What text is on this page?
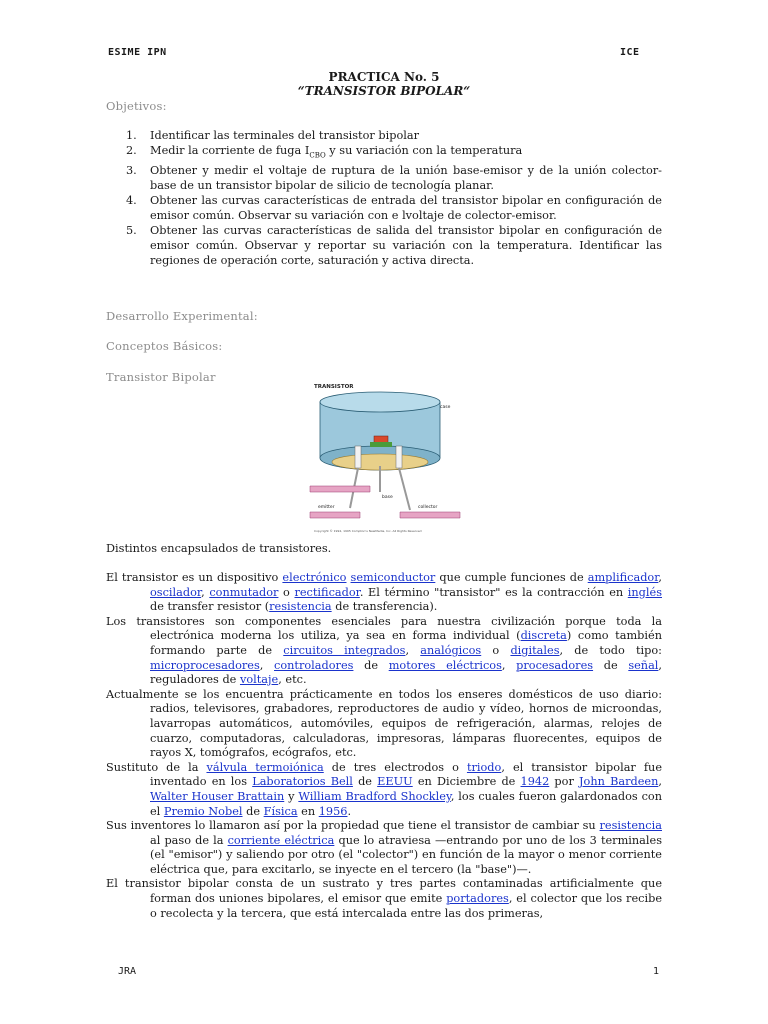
ESIME IPN	ICE
PRACTICA No. 5
“TRANSISTOR BIPOLAR“
Objetivos:
1. Identificar las terminales del transistor bipolar
2. Medir la corriente de fuga $I_{CBO}$ y su variación con la temperatura
3. Obtener y medir el voltaje de ruptura de la unión base-emisor y de la unión colector-base de un transistor bipolar de silicio de tecnología planar.
4. Obtener las curvas características de entrada del transistor bipolar en configuración de emisor común. Observar su variación con e lvoltaje de colector-emisor.
5. Obtener las curvas características de salida del transistor bipolar en configuración de emisor común. Observar y reportar su variación con la temperatura. Identificar las regiones de operación corte, saturación y activa directa.
Desarrollo Experimental:
Conceptos Básicos:
Transistor Bipolar
TRANSISTOR
case
base
emitter	collector
Copyright © 1994, 1995 Compton's NewMedia, Inc. All Rights Reserved
Distintos encapsulados de transistores.

El transistor es un dispositivo electrónico semiconductor que cumple funciones de amplificador, oscilador, conmutador o rectificador. El término "transistor" es la contracción en inglés de transfer resistor (resistencia de transferencia).

Los transistores son componentes esenciales para nuestra civilización porque toda la electrónica moderna los utiliza, ya sea en forma individual (discreta) como también formando parte de circuitos integrados, analógicos o digitales, de todo tipo: microprocesadores, controladores de motores eléctricos, procesadores de señal, reguladores de voltaje, etc.

Actualmente se los encuentra prácticamente en todos los enseres domésticos de uso diario: radios, televisores, grabadores, reproductores de audio y vídeo, hornos de microondas, lavarropas automáticos, automóviles, equipos de refrigeración, alarmas, relojes de cuarzo, computadoras, calculadoras, impresoras, lámparas fluorecentes, equipos de rayos X, tomógrafos, ecógrafos, etc.

Sustituto de la válvula termoiónica de tres electrodos o triodo, el transistor bipolar fue inventado en los Laboratorios Bell de EEUU en Diciembre de 1942 por John Bardeen, Walter Houser Brattain y William Bradford Shockley, los cuales fueron galardonados con el Premio Nobel de Física en 1956.

Sus inventores lo llamaron así por la propiedad que tiene el transistor de cambiar su resistencia al paso de la corriente eléctrica que lo atraviesa —entrando por uno de los 3 terminales (el "emisor") y saliendo por otro (el "colector") en función de la mayor o menor corriente eléctrica que, para excitarlo, se inyecte en el tercero (la "base")—.

El transistor bipolar consta de un sustrato y tres partes contaminadas artificialmente que forman dos uniones bipolares, el emisor que emite portadores, el colector que los recibe o recolecta y la tercera, que está intercalada entre las dos primeras,

JRA	1
